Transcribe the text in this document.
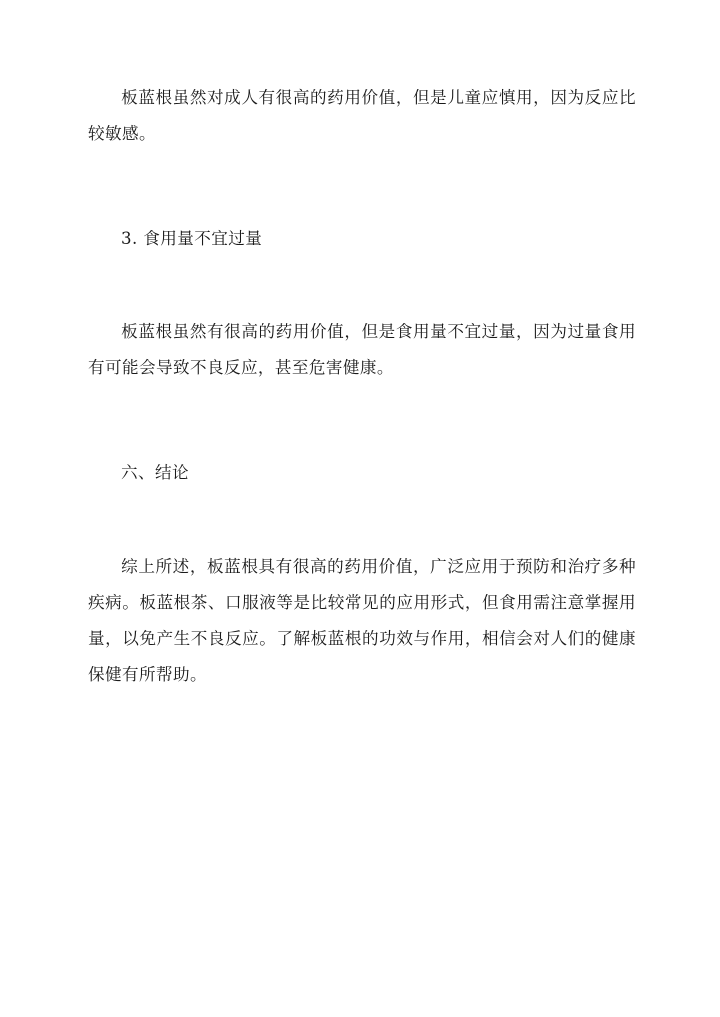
板蓝根虽然对成人有很高的药用价值，但是儿童应慎用，因为反应比较敏感。

3. 食用量不宜过量

板蓝根虽然有很高的药用价值，但是食用量不宜过量，因为过量食用有可能会导致不良反应，甚至危害健康。

六、结论

综上所述，板蓝根具有很高的药用价值，广泛应用于预防和治疗多种疾病。板蓝根茶、口服液等是比较常见的应用形式，但食用需注意掌握用量，以免产生不良反应。了解板蓝根的功效与作用，相信会对人们的健康保健有所帮助。
